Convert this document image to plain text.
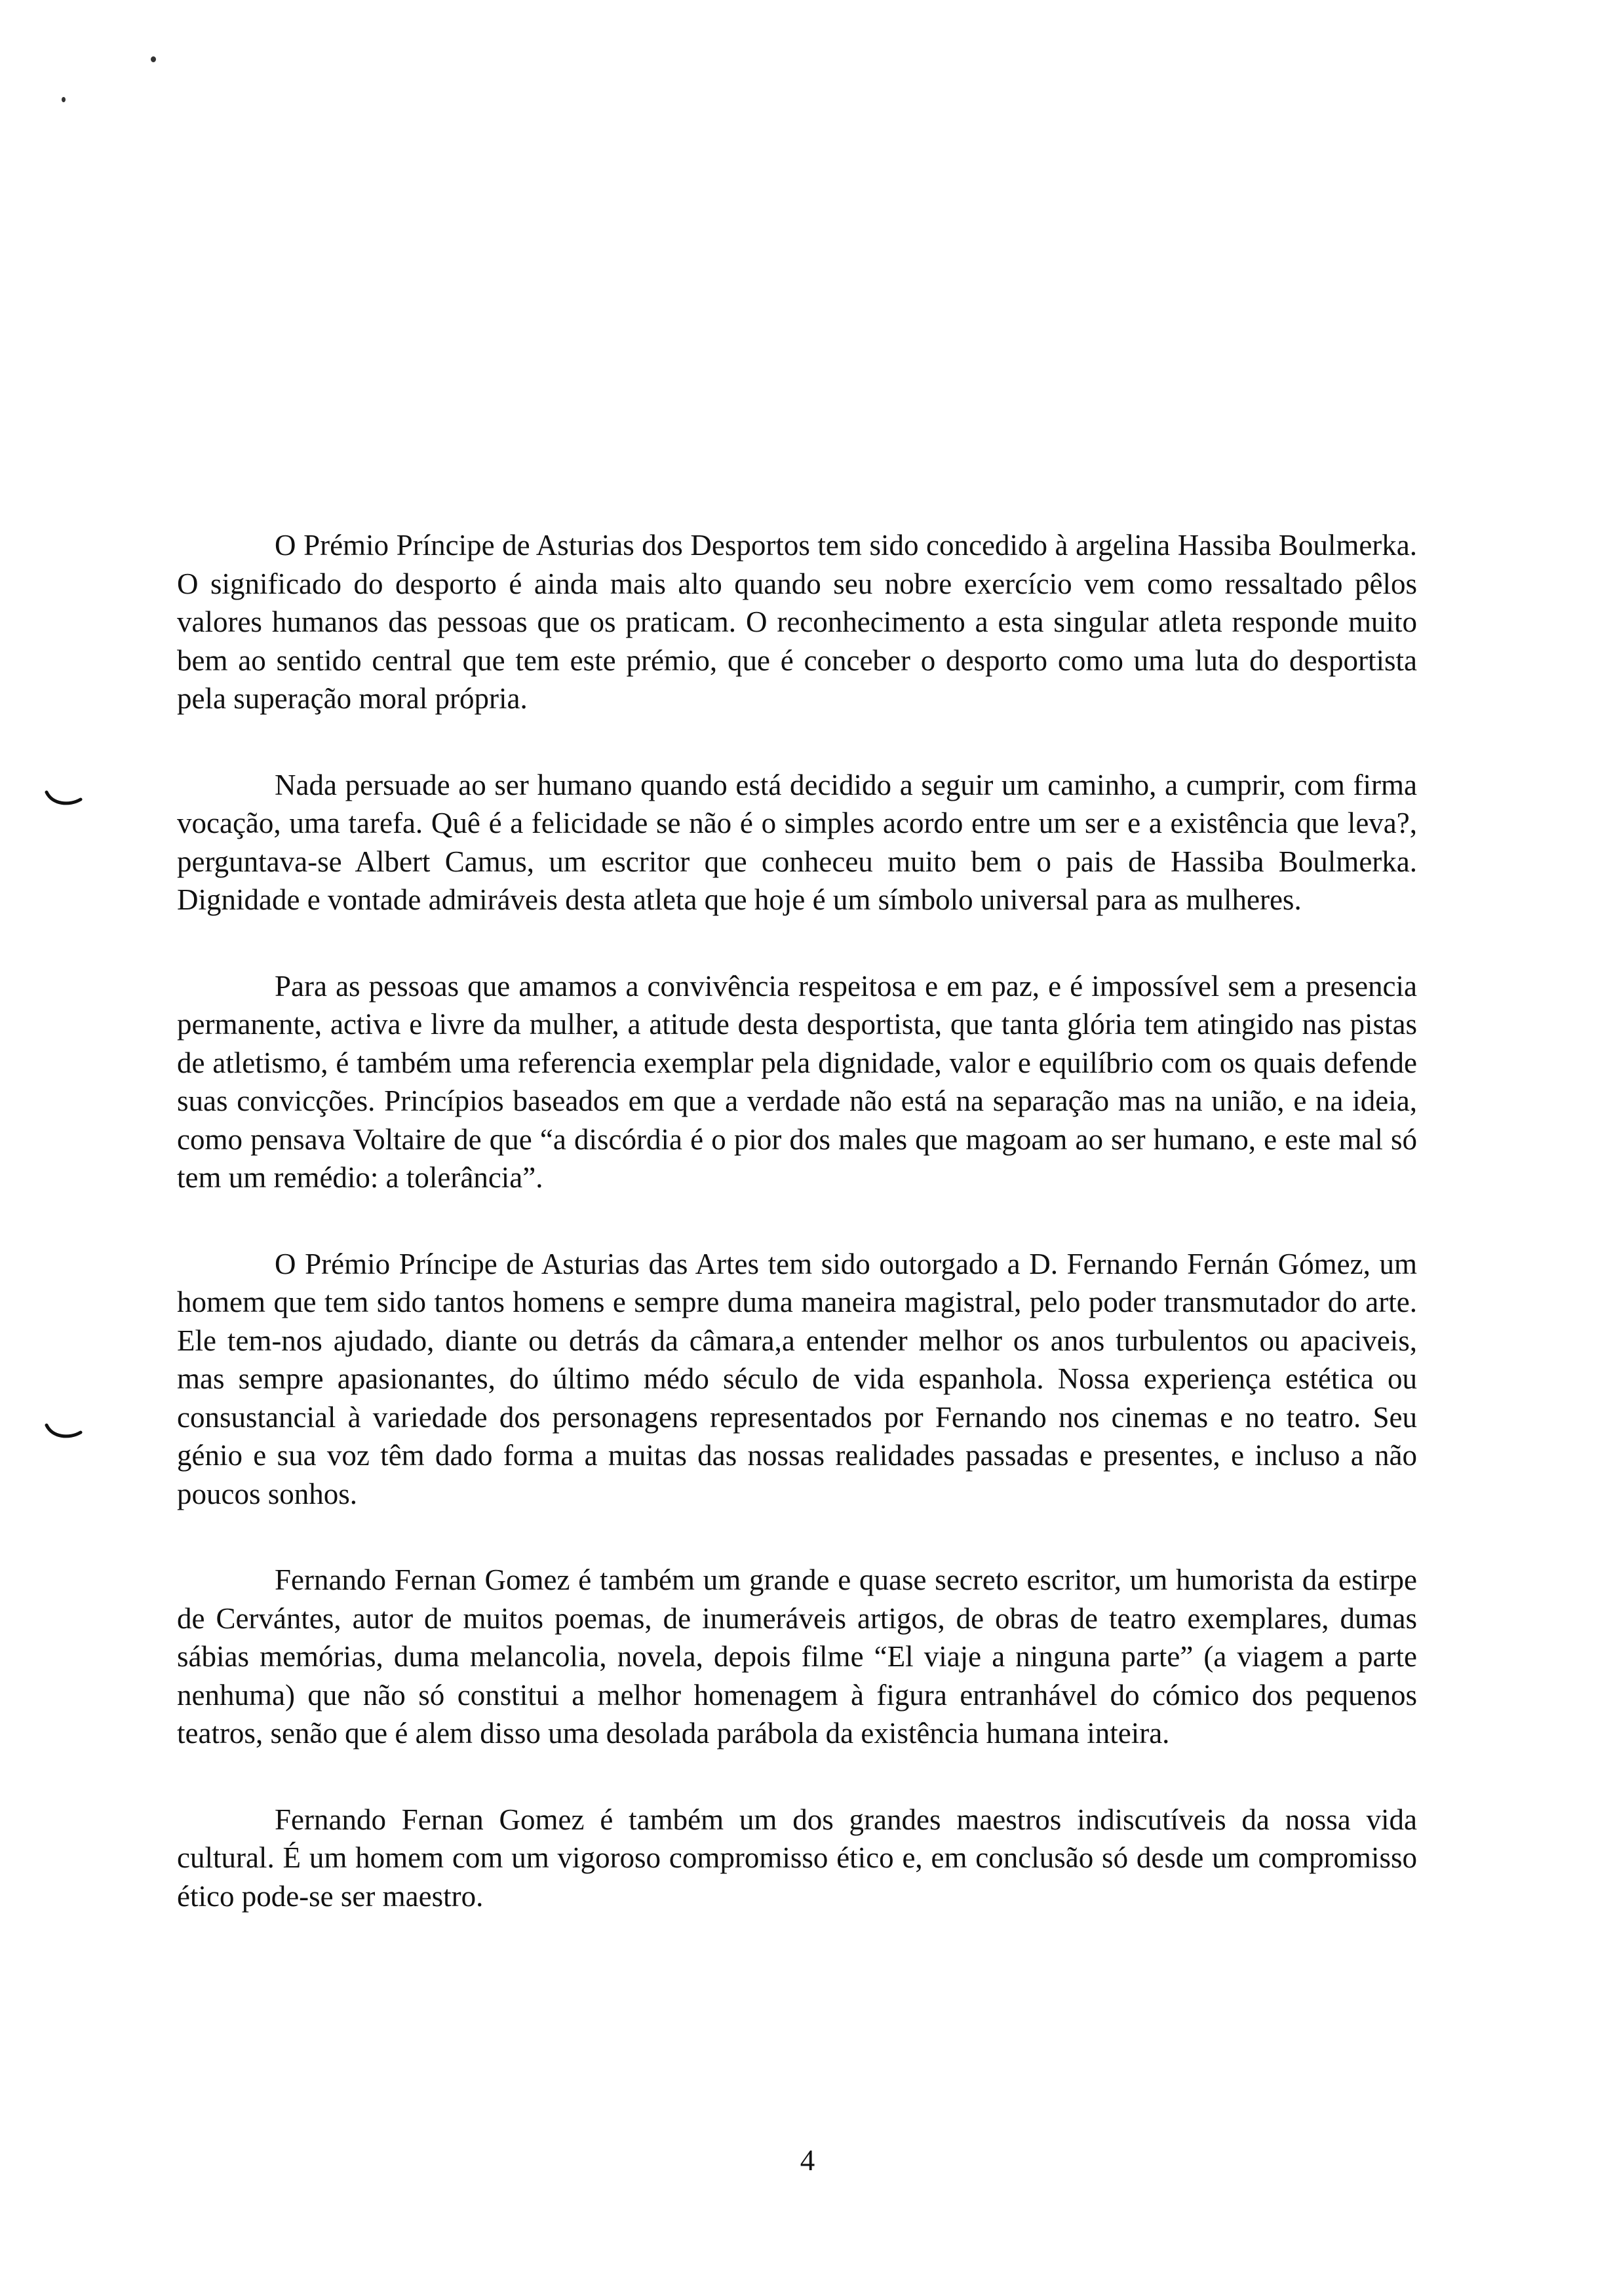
O Prémio Príncipe de Asturias dos Desportos tem sido concedido à argelina Hassiba Boulmerka. O significado do desporto é ainda mais alto quando seu nobre exercício vem como ressaltado pêlos valores humanos das pessoas que os praticam. O reconhecimento a esta singular atleta responde muito bem ao sentido central que tem este prémio, que é conceber o desporto como uma luta do desportista pela superação moral própria.

Nada persuade ao ser humano quando está decidido a seguir um caminho, a cumprir, com firma vocação, uma tarefa. Quê é a felicidade se não é o simples acordo entre um ser e a existência que leva?, perguntava-se Albert Camus, um escritor que conheceu muito bem o pais de Hassiba Boulmerka. Dignidade e vontade admiráveis desta atleta que hoje é um símbolo universal para as mulheres.

Para as pessoas que amamos a convivência respeitosa e em paz, e é impossível sem a presencia permanente, activa e livre da mulher, a atitude desta desportista, que tanta glória tem atingido nas pistas de atletismo, é também uma referencia exemplar pela dignidade, valor e equilíbrio com os quais defende suas convicções. Princípios baseados em que a verdade não está na separação mas na união, e na ideia, como pensava Voltaire de que “a discórdia é o pior dos males que magoam ao ser humano, e este mal só tem um remédio: a tolerância”.

O Prémio Príncipe de Asturias das Artes tem sido outorgado a D. Fernando Fernán Gómez, um homem que tem sido tantos homens e sempre duma maneira magistral, pelo poder transmutador do arte. Ele tem-nos ajudado, diante ou detrás da câmara,a entender melhor os anos turbulentos ou apaciveis, mas sempre apasionantes, do último médo século de vida espanhola. Nossa experiença estética ou consustancial à variedade dos personagens representados por Fernando nos cinemas e no teatro. Seu génio e sua voz têm dado forma a muitas das nossas realidades passadas e presentes, e incluso a não poucos sonhos.

Fernando Fernan Gomez é também um grande e quase secreto escritor, um humorista da estirpe de Cervántes, autor de muitos poemas, de inumeráveis artigos, de obras de teatro exemplares, dumas sábias memórias, duma melancolia, novela, depois filme “El viaje a ninguna parte” (a viagem a parte nenhuma) que não só constitui a melhor homenagem à figura entranhável do cómico dos pequenos teatros, senão que é alem disso uma desolada parábola da existência humana inteira.

Fernando Fernan Gomez é também um dos grandes maestros indiscutíveis da nossa vida cultural. É um homem com um vigoroso compromisso ético e, em conclusão só desde um compromisso ético pode-se ser maestro.

4
